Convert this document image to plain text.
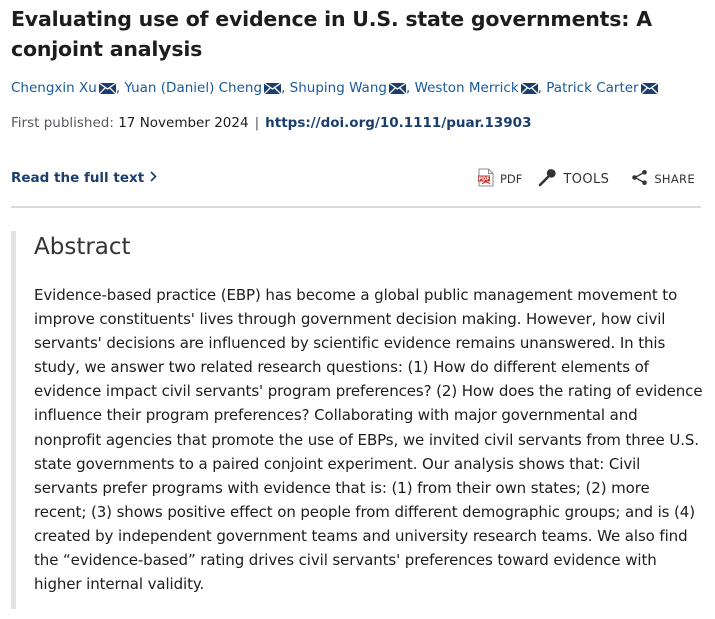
Evaluating use of evidence in U.S. state governments: A conjoint analysis
Chengxin Xu , Yuan (Daniel) Cheng , Shuping Wang , Weston Merrick , Patrick Carter
First published: 17 November 2024 | https://doi.org/10.1111/puar.13903
Read the full text	PDF PDF	TOOLS	SHARE
Abstract

Evidence-based practice (EBP) has become a global public management movement to improve constituents' lives through government decision making. However, how civil servants' decisions are influenced by scientific evidence remains unanswered. In this study, we answer two related research questions: (1) How do different elements of evidence impact civil servants' program preferences? (2) How does the rating of evidence influence their program preferences? Collaborating with major governmental and nonprofit agencies that promote the use of EBPs, we invited civil servants from three U.S. state governments to a paired conjoint experiment. Our analysis shows that: Civil servants prefer programs with evidence that is: (1) from their own states; (2) more recent; (3) shows positive effect on people from different demographic groups; and is (4) created by independent government teams and university research teams. We also find the “evidence-based” rating drives civil servants' preferences toward evidence with higher internal validity.
